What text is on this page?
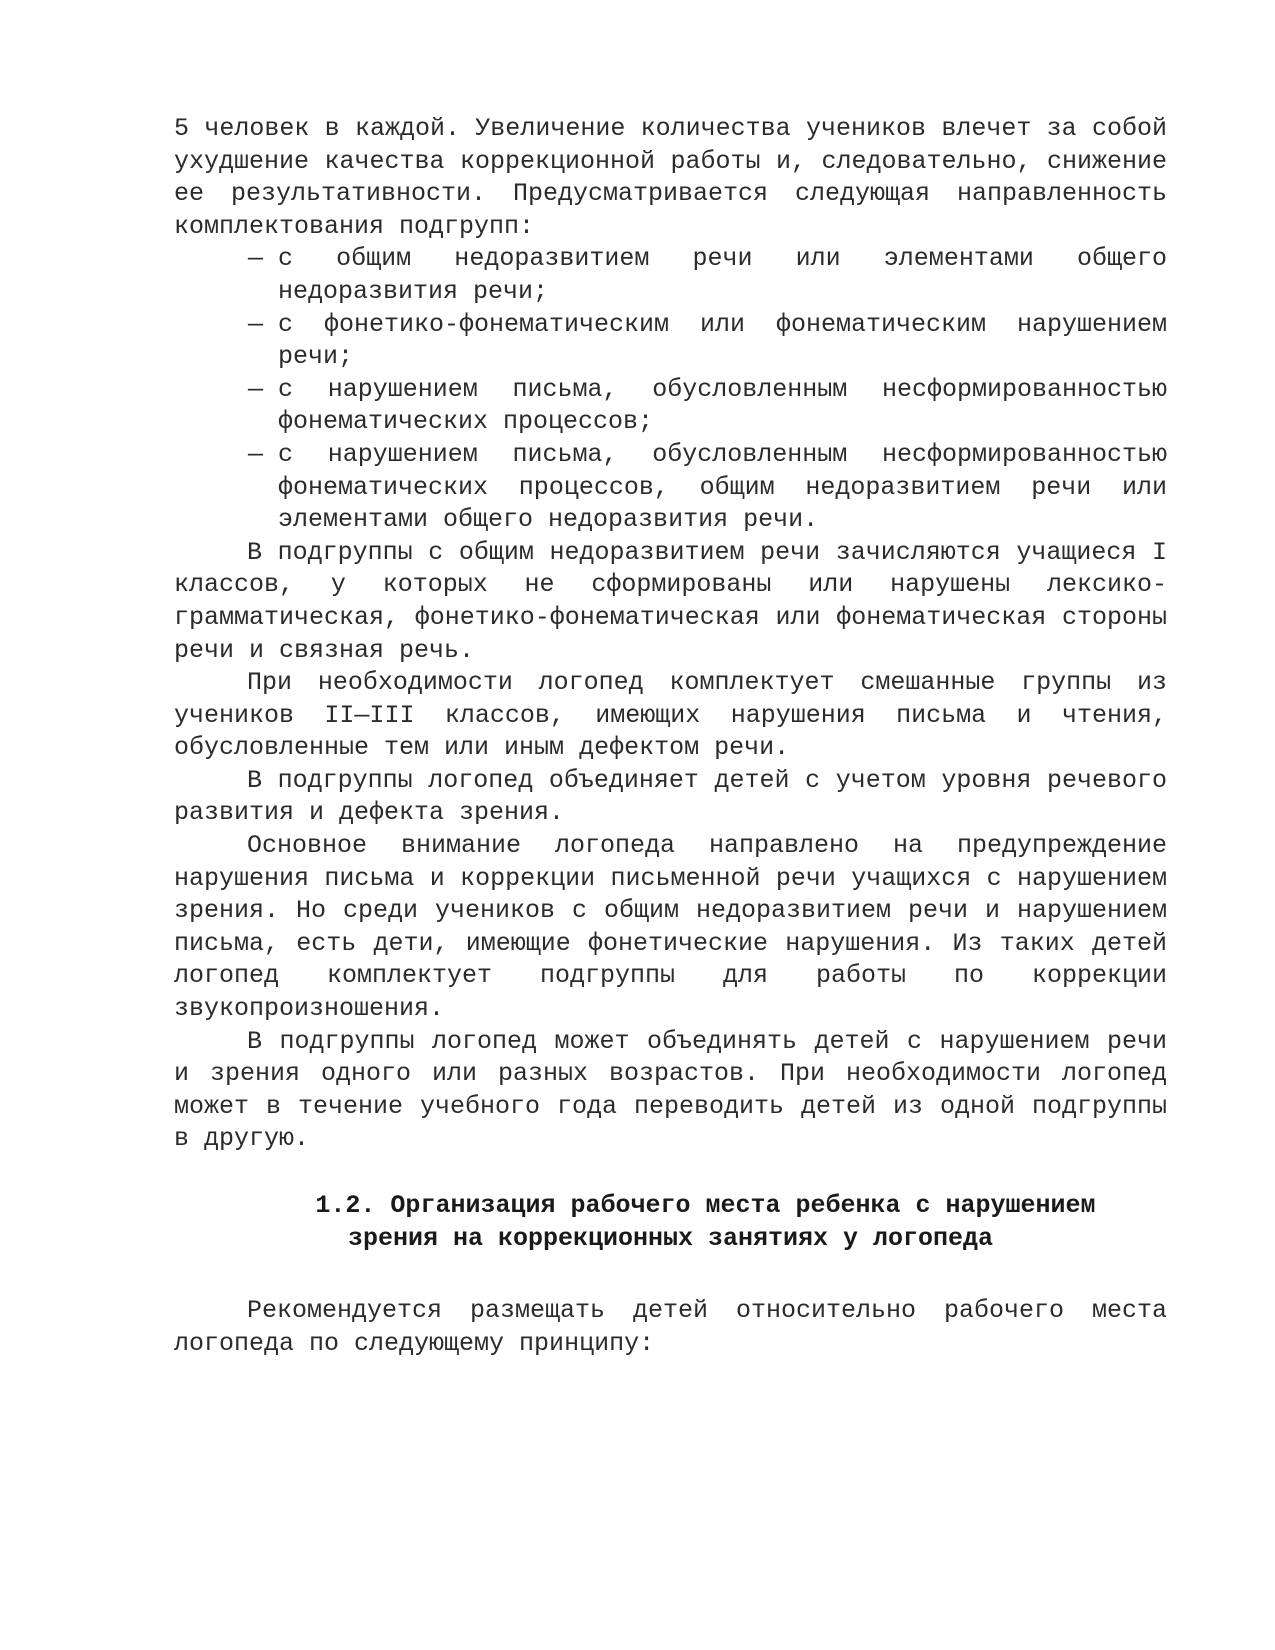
5 человек в каждой. Увеличение количества учеников влечет за собой ухудшение качества коррекционной работы и, следовательно, снижение ее результативности. Предусматривается следующая направленность комплектования подгрупп:

— с общим недоразвитием речи или элементами общего недоразвития речи;
— с фонетико-фонематическим или фонематическим нарушением речи;
— с нарушением письма, обусловленным несформированностью фонематических процессов;
— с нарушением письма, обусловленным несформированностью фонематических процессов, общим недоразвитием речи или элементами общего недоразвития речи.

В подгруппы с общим недоразвитием речи зачисляются учащиеся I классов, у которых не сформированы или нарушены лексико-грамматическая, фонетико-фонематическая или фонематическая стороны речи и связная речь.

При необходимости логопед комплектует смешанные группы из учеников II—III классов, имеющих нарушения письма и чтения, обусловленные тем или иным дефектом речи.

В подгруппы логопед объединяет детей с учетом уровня речевого развития и дефекта зрения.

Основное внимание логопеда направлено на предупреждение нарушения письма и коррекции письменной речи учащихся с нарушением зрения. Но среди учеников с общим недоразвитием речи и нарушением письма, есть дети, имеющие фонетические нарушения. Из таких детей логопед комплектует подгруппы для работы по коррекции звукопроизношения.

В подгруппы логопед может объединять детей с нарушением речи и зрения одного или разных возрастов. При необходимости логопед может в течение учебного года переводить детей из одной подгруппы в другую.

1.2. Организация рабочего места ребенка с нарушением
зрения на коррекционных занятиях у логопеда

Рекомендуется размещать детей относительно рабочего места логопеда по следующему принципу:
